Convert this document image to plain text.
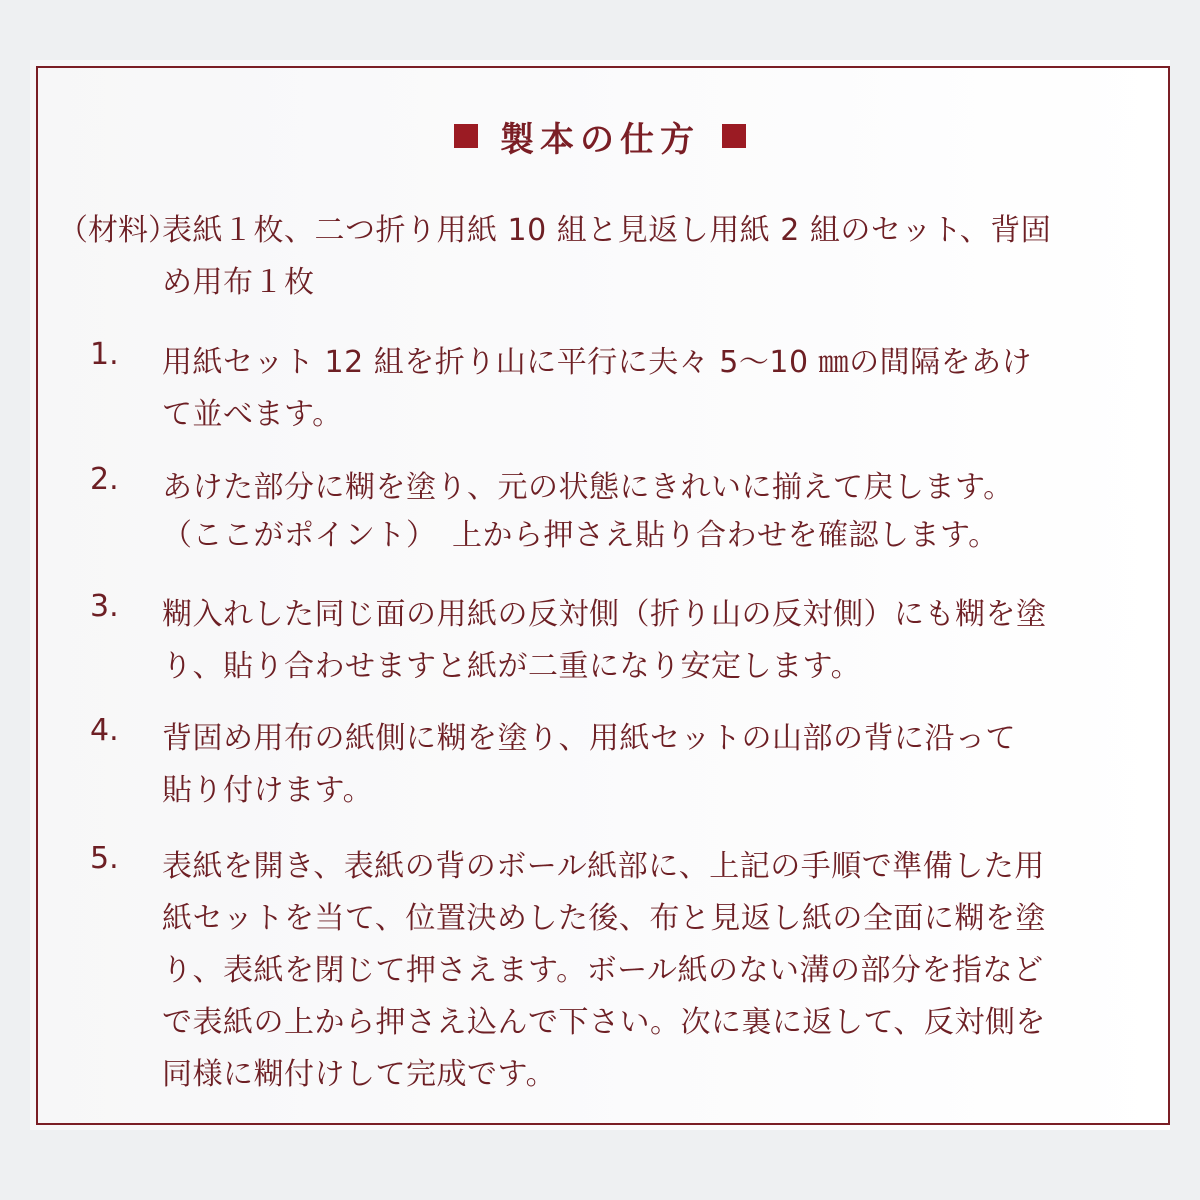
製本の仕方
（材料）
表紙１枚、二つ折り用紙 10 組と見返し用紙 2 組のセット、背固
め用布１枚
1. 用紙セット 12 組を折り山に平行に夫々 5〜10 ㎜の間隔をあけ
て並べます。
2. あけた部分に糊を塗り、元の状態にきれいに揃えて戻します。
（ここがポイント）　上から押さえ貼り合わせを確認します。
3. 糊入れした同じ面の用紙の反対側（折り山の反対側）にも糊を塗
り、貼り合わせますと紙が二重になり安定します。
4. 背固め用布の紙側に糊を塗り、用紙セットの山部の背に沿って
貼り付けます。
5. 表紙を開き、表紙の背のボール紙部に、上記の手順で準備した用
紙セットを当て、位置決めした後、布と見返し紙の全面に糊を塗
り、表紙を閉じて押さえます。ボール紙のない溝の部分を指など
で表紙の上から押さえ込んで下さい。次に裏に返して、反対側を
同様に糊付けして完成です。
